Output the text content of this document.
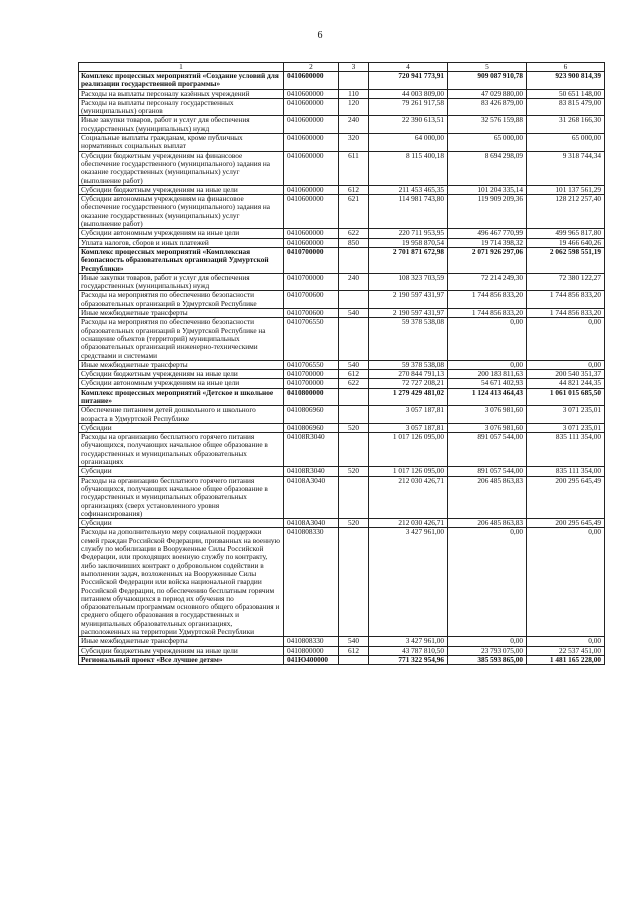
6
1	2	3	4	5	6
Комплекс процессных мероприятий «Создание условий для реализации государственной программы»	0410600000		720 941 773,91	909 087 910,78	923 900 814,39
Расходы на выплаты персоналу казённых учреждений	0410600000	110	44 003 809,00	47 029 880,00	50 651 148,00
Расходы на выплаты персоналу государственных (муниципальных) органов	0410600000	120	79 261 917,58	83 426 879,00	83 815 479,00
Иные закупки товаров, работ и услуг для обеспечения государственных (муниципальных) нужд	0410600000	240	22 390 613,51	32 576 159,88	31 268 166,30
Социальные выплаты гражданам, кроме публичных нормативных социальных выплат	0410600000	320	64 000,00	65 000,00	65 000,00
Субсидии бюджетным учреждениям на финансовое обеспечение государственного (муниципального) задания на оказание государственных (муниципальных) услуг (выполнение работ)	0410600000	611	8 115 400,18	8 694 298,09	9 318 744,34
Субсидии бюджетным учреждениям на иные цели	0410600000	612	211 453 465,35	101 204 335,14	101 137 561,29
Субсидии автономным учреждениям на финансовое обеспечение государственного (муниципального) задания на оказание государственных (муниципальных) услуг (выполнение работ)	0410600000	621	114 981 743,80	119 909 209,36	128 212 257,40
Субсидии автономным учреждениям на иные цели	0410600000	622	220 711 953,95	496 467 770,99	499 965 817,80
Уплата налогов, сборов и иных платежей	0410600000	850	19 958 870,54	19 714 398,32	19 466 640,26
Комплекс процессных мероприятий «Комплексная безопасность образовательных организаций Удмуртской Республики»	0410700000		2 701 871 672,98	2 071 926 297,06	2 062 598 551,19
Иные закупки товаров, работ и услуг для обеспечения государственных (муниципальных) нужд	0410700000	240	108 323 703,59	72 214 249,30	72 380 122,27
Расходы на мероприятия по обеспечению безопасности образовательных организаций в Удмуртской Республике	0410700600		2 190 597 431,97	1 744 856 833,20	1 744 856 833,20
Иные межбюджетные трансферты	0410700600	540	2 190 597 431,97	1 744 856 833,20	1 744 856 833,20
Расходы на мероприятия по обеспечению безопасности образовательных организаций в Удмуртской Республике на оснащение объектов (территорий) муниципальных образовательных организаций инженерно-техническими средствами и системами	0410706550		59 378 538,08	0,00	0,00
Иные межбюджетные трансферты	0410706550	540	59 378 538,08	0,00	0,00
Субсидии бюджетным учреждениям на иные цели	0410700000	612	270 844 791,13	200 183 811,63	200 540 351,37
Субсидии автономным учреждениям на иные цели	0410700000	622	72 727 208,21	54 671 402,93	44 821 244,35
Комплекс процессных мероприятий «Детское и школьное питание»	0410800000		1 279 429 481,02	1 124 413 464,43	1 061 015 685,50
Обеспечение питанием детей дошкольного и школьного возраста в Удмуртской Республике	0410806960		3 057 187,81	3 076 981,60	3 071 235,01
Субсидии	0410806960	520	3 057 187,81	3 076 981,60	3 071 235,01
Расходы на организацию бесплатного горячего питания обучающихся, получающих начальное общее образование в государственных и муниципальных образовательных организациях	04108R3040		1 017 126 095,00	891 057 544,00	835 111 354,00
Субсидии	04108R3040	520	1 017 126 095,00	891 057 544,00	835 111 354,00
Расходы на организацию бесплатного горячего питания обучающихся, получающих начальное общее образование в государственных и муниципальных образовательных организациях (сверх установленного уровня софинансирования)	04108A3040		212 030 426,71	206 485 863,83	200 295 645,49
Субсидии	04108A3040	520	212 030 426,71	206 485 863,83	200 295 645,49
Расходы на дополнительную меру социальной поддержки семей граждан Российской Федерации, призванных на военную службу по мобилизации в Вооруженные Силы Российской Федерации, или проходящих военную службу по контракту, либо заключивших контракт о добровольном содействии в выполнении задач, возложенных на Вооруженные Силы Российской Федерации или войска национальной гвардии Российской Федерации, по обеспечению бесплатным горячим питанием обучающихся в период их обучения по образовательным программам основного общего образования и среднего общего образования в государственных и муниципальных образовательных организациях, расположенных на территории Удмуртской Республики	0410808330		3 427 961,00	0,00	0,00
Иные межбюджетные трансферты	0410808330	540	3 427 961,00	0,00	0,00
Субсидии бюджетным учреждениям на иные цели	0410800000	612	43 787 810,50	23 793 075,00	22 537 451,00
Региональный проект «Все лучшее детям»	041Ю400000		771 322 954,96	385 593 865,00	1 481 165 228,00
